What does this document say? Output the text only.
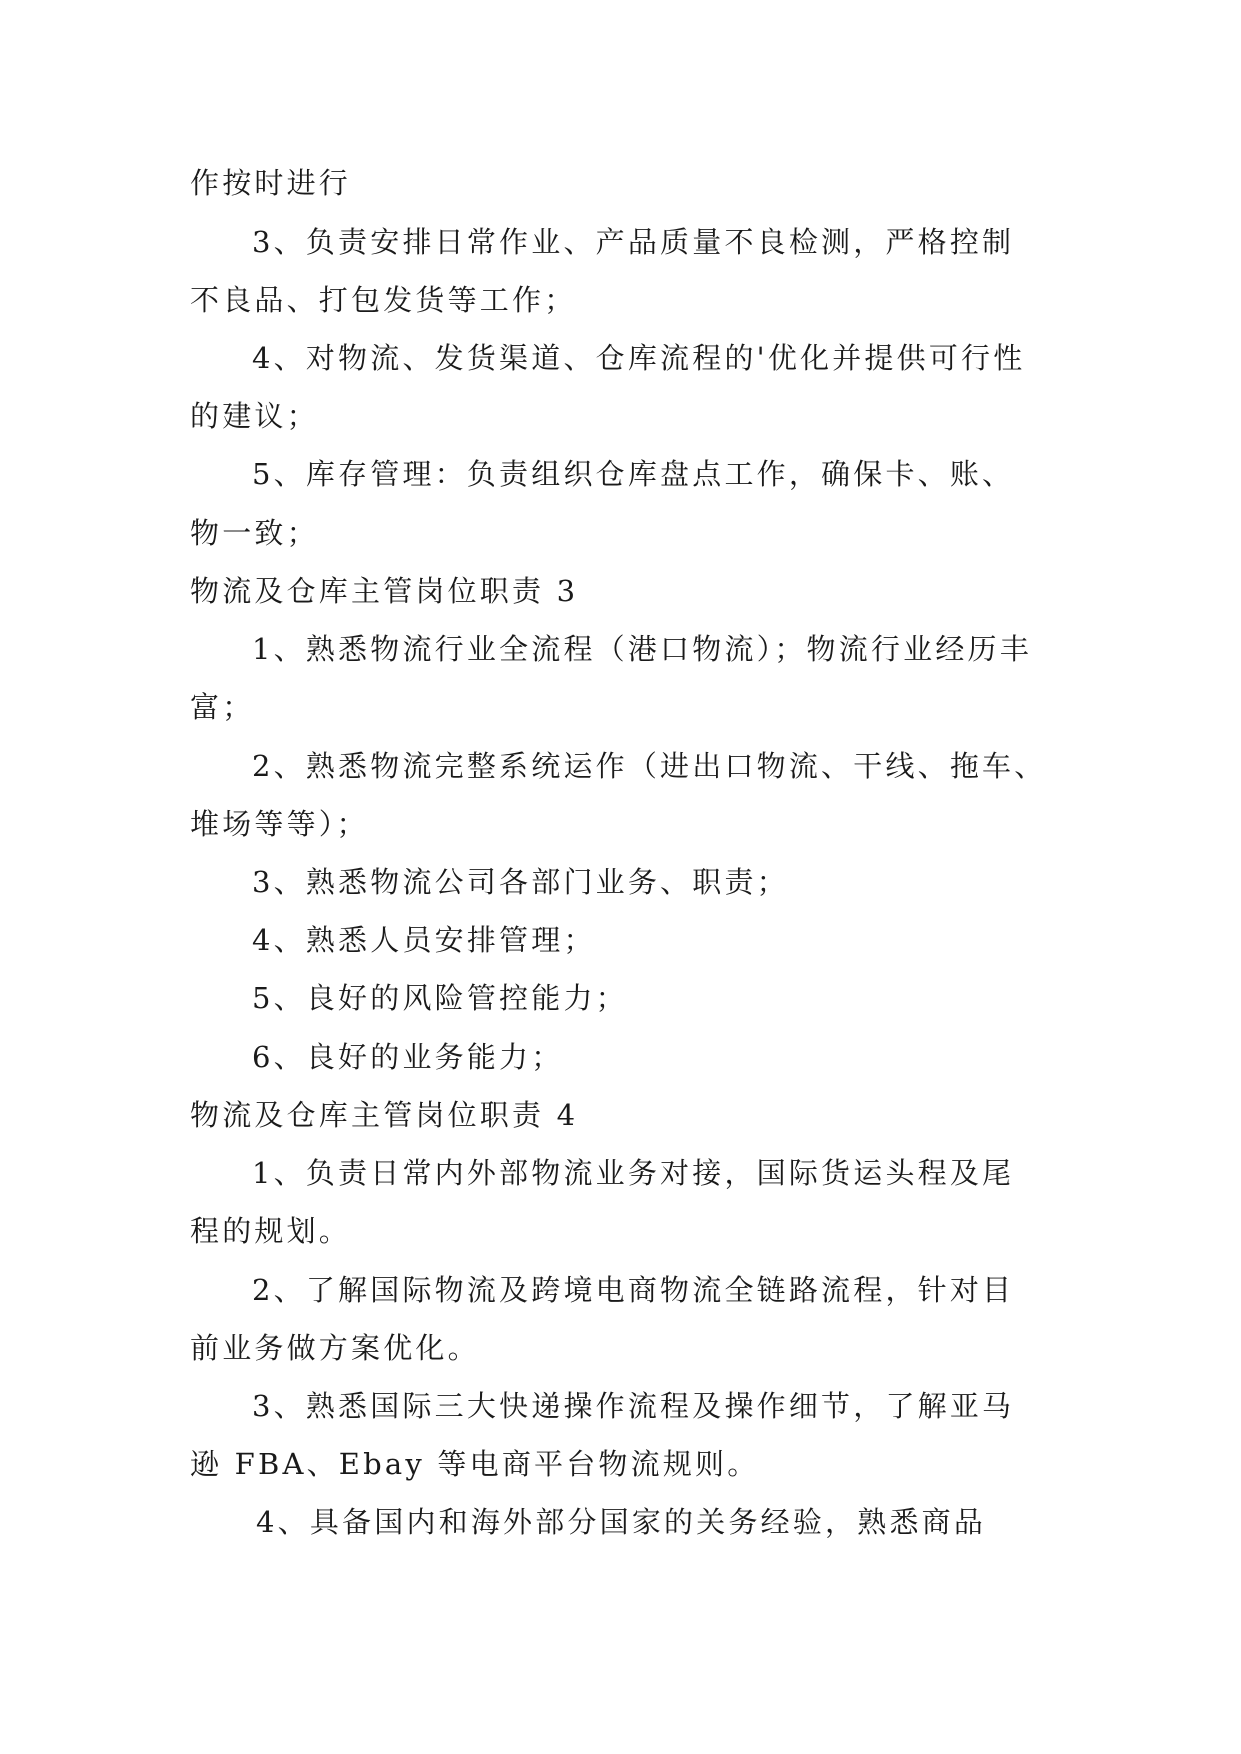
作按时进行
3、负责安排日常作业、产品质量不良检测，严格控制
不良品、打包发货等工作；
4、对物流、发货渠道、仓库流程的'优化并提供可行性
的建议；
5、库存管理：负责组织仓库盘点工作，确保卡、账、
物一致；
物流及仓库主管岗位职责 3
1、熟悉物流行业全流程（港口物流）；物流行业经历丰
富；
2、熟悉物流完整系统运作（进出口物流、干线、拖车、
堆场等等）；
3、熟悉物流公司各部门业务、职责；
4、熟悉人员安排管理；
5、良好的风险管控能力；
6、良好的业务能力；
物流及仓库主管岗位职责 4
1、负责日常内外部物流业务对接，国际货运头程及尾
程的规划。
2、了解国际物流及跨境电商物流全链路流程，针对目
前业务做方案优化。
3、熟悉国际三大快递操作流程及操作细节，了解亚马
逊 FBA、Ebay 等电商平台物流规则。
4、具备国内和海外部分国家的关务经验，熟悉商品
